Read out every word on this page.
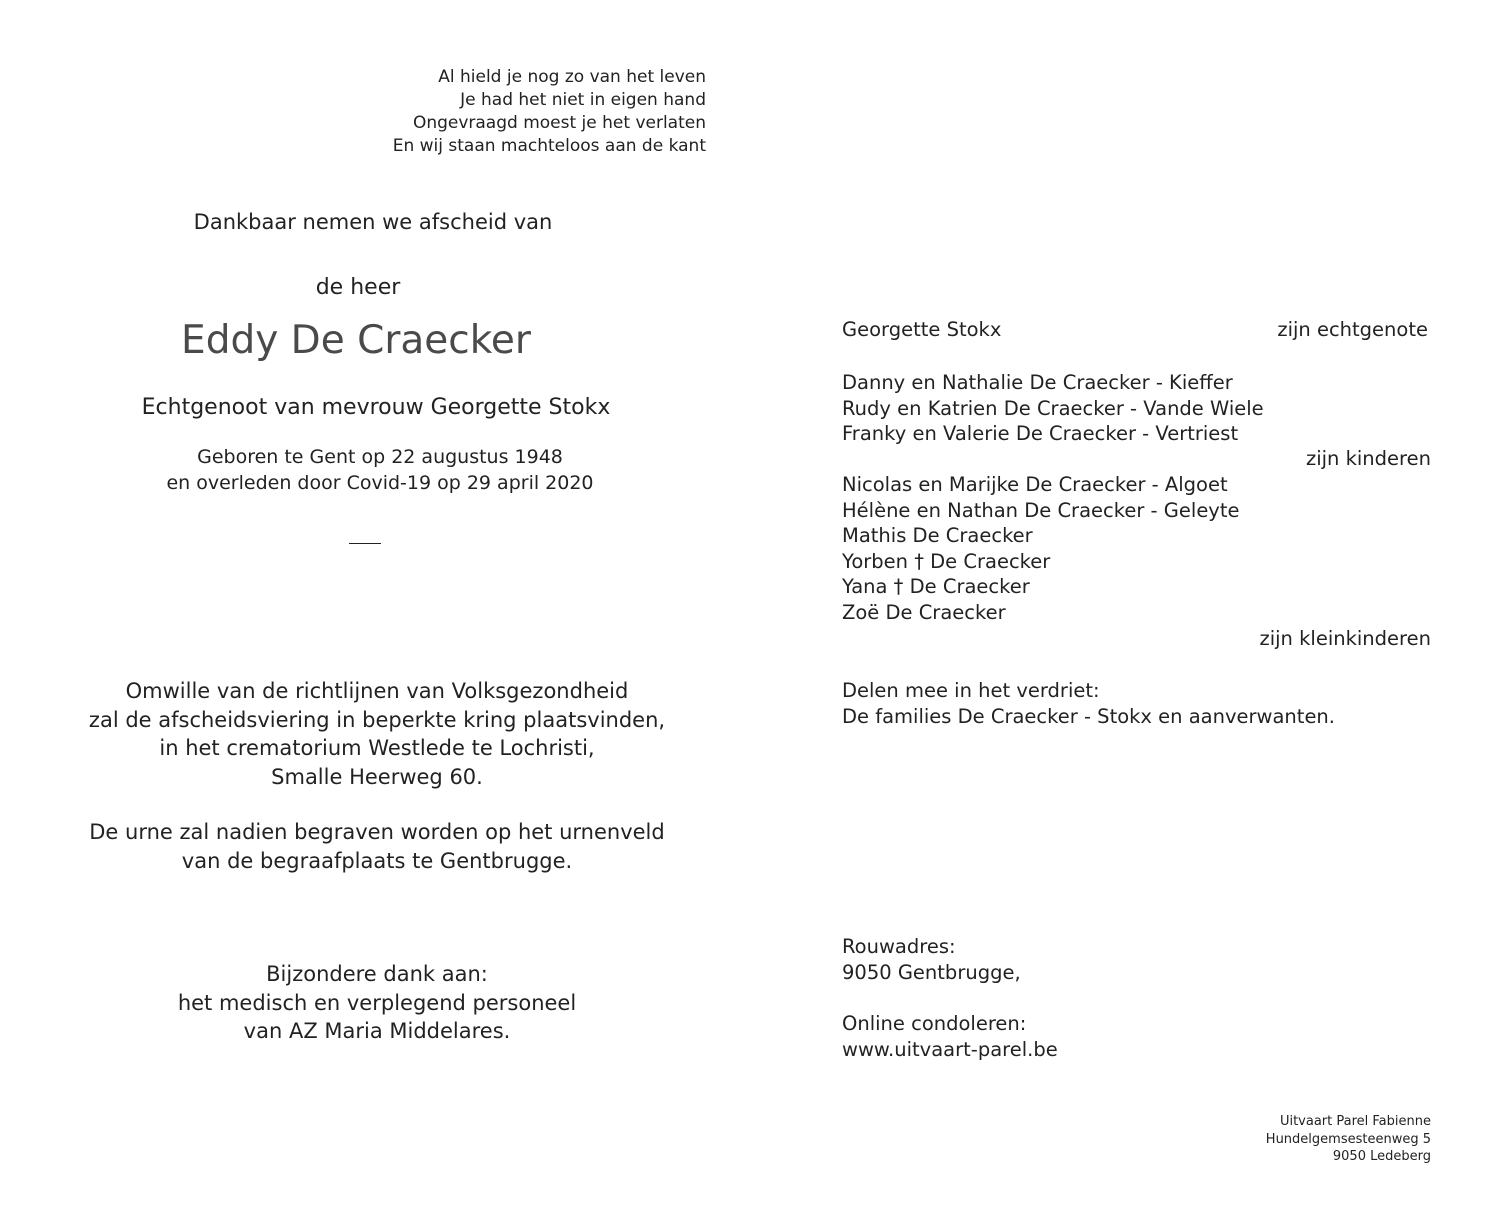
Al hield je nog zo van het leven
Je had het niet in eigen hand
Ongevraagd moest je het verlaten
En wij staan machteloos aan de kant
Dankbaar nemen we afscheid van
de heer
Eddy De Craecker
Echtgenoot van mevrouw Georgette Stokx
Geboren te Gent op 22 augustus 1948
en overleden door Covid-19 op 29 april 2020
Omwille van de richtlijnen van Volksgezondheid
zal de afscheidsviering in beperkte kring plaatsvinden,
in het crematorium Westlede te Lochristi,
Smalle Heerweg 60.
De urne zal nadien begraven worden op het urnenveld
van de begraafplaats te Gentbrugge.
Bijzondere dank aan:
het medisch en verplegend personeel
van AZ Maria Middelares.
Georgette Stokx	zijn echtgenote
Danny en Nathalie De Craecker - Kieffer
Rudy en Katrien De Craecker - Vande Wiele
Franky en Valerie De Craecker - Vertriest
zijn kinderen
Nicolas en Marijke De Craecker - Algoet
Hélène en Nathan De Craecker - Geleyte
Mathis De Craecker
Yorben † De Craecker
Yana † De Craecker
Zoë De Craecker
zijn kleinkinderen
Delen mee in het verdriet:
De families De Craecker - Stokx en aanverwanten.
Rouwadres:
9050 Gentbrugge,
Online condoleren:
www.uitvaart-parel.be
Uitvaart Parel Fabienne
Hundelgemsesteenweg 5
9050 Ledeberg
